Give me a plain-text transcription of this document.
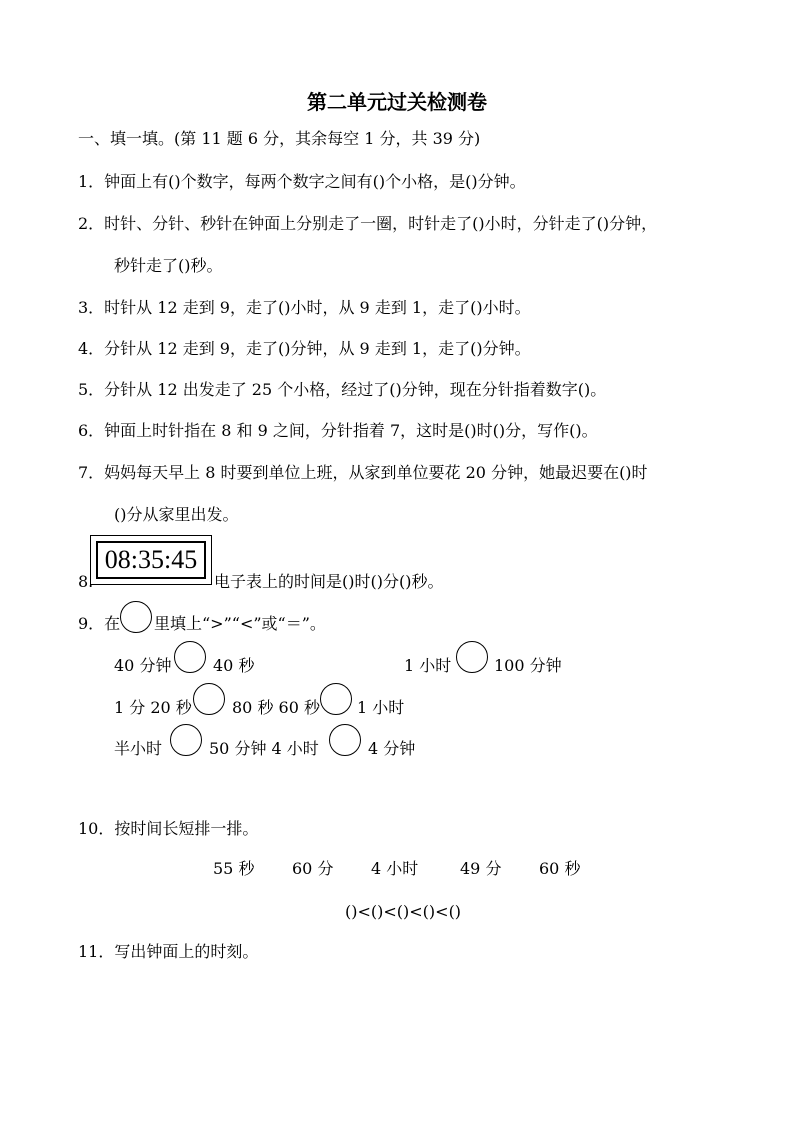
第二单元过关检测卷
一、填一填。(第 11 题 6 分，其余每空 1 分，共 39 分)
1．钟面上有()个数字，每两个数字之间有()个小格，是()分钟。
2．时针、分针、秒针在钟面上分别走了一圈，时针走了()小时，分针走了()分钟，
秒针走了()秒。
3．时针从 12 走到 9，走了()小时，从 9 走到 1，走了()小时。
4．分针从 12 走到 9，走了()分钟，从 9 走到 1，走了()分钟。
5．分针从 12 出发走了 25 个小格，经过了()分钟，现在分针指着数字()。
6．钟面上时针指在 8 和 9 之间，分针指着 7，这时是()时()分，写作()。
7．妈妈每天早上 8 时要到单位上班，从家到单位要花 20 分钟，她最迟要在()时
()分从家里出发。
8.
08:35:45
电子表上的时间是()时()分()秒。
9．在 里填上“>”“<”或“＝”。
40 分钟	40 秒	1 小时	100 分钟
1 分 20 秒	80 秒 60 秒 1 小时
半小时	50 分钟 4 小时	4 分钟
10．按时间长短排一排。
55 秒 60 分 4 小时	49 分 60 秒
()<()<()<()<()
11．写出钟面上的时刻。
